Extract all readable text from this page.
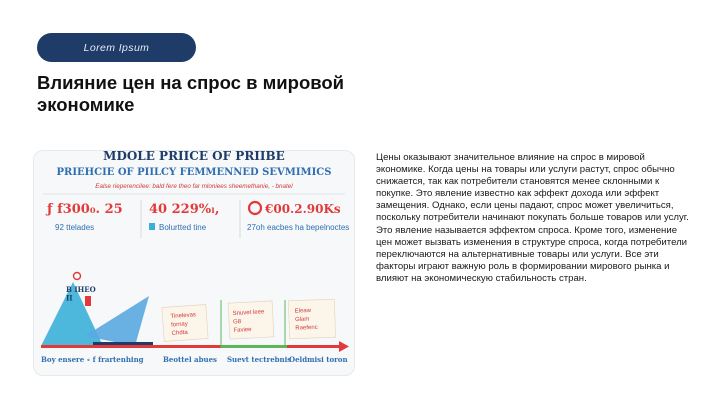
Lorem Ipsum
Влияние цен на спрос в мировой экономике
MDOLE PRIICE OF PRIIBE
PRIEHCIE OF PIILCY FEMMENNED SEVMIMICS
Ealse rieperencilee: bald fere theo far mloniees sheemethanie, - bnatel
ƒ f300₀. 25 40 229%ₗ,	€00.2.90Ks
92 ttelades	Bolurtted tine	27oh eacbes ha bepelnoctes
B IHEO II
TinelevasfornayChdta
Snuvet leeeG8Faviee
EleawGlamRaefenc
Boy ensere ∘ f frartenhing	Beottel abues Suevt tectrebnis
Oeldmisi toron
Цены оказывают значительное влияние на спрос в мировой экономике. Когда цены на товары или услуги растут, спрос обычно снижается, так как потребители становятся менее склонными к покупке. Это явление известно как эффект дохода или эффект замещения. Однако, если цены падают, спрос может увеличиться, поскольку потребители начинают покупать больше товаров или услуг. Это явление называется эффектом спроса. Кроме того, изменение цен может вызвать изменения в структуре спроса, когда потребители переключаются на альтернативные товары или услуги. Все эти факторы играют важную роль в формировании мирового рынка и влияют на экономическую стабильность стран.
